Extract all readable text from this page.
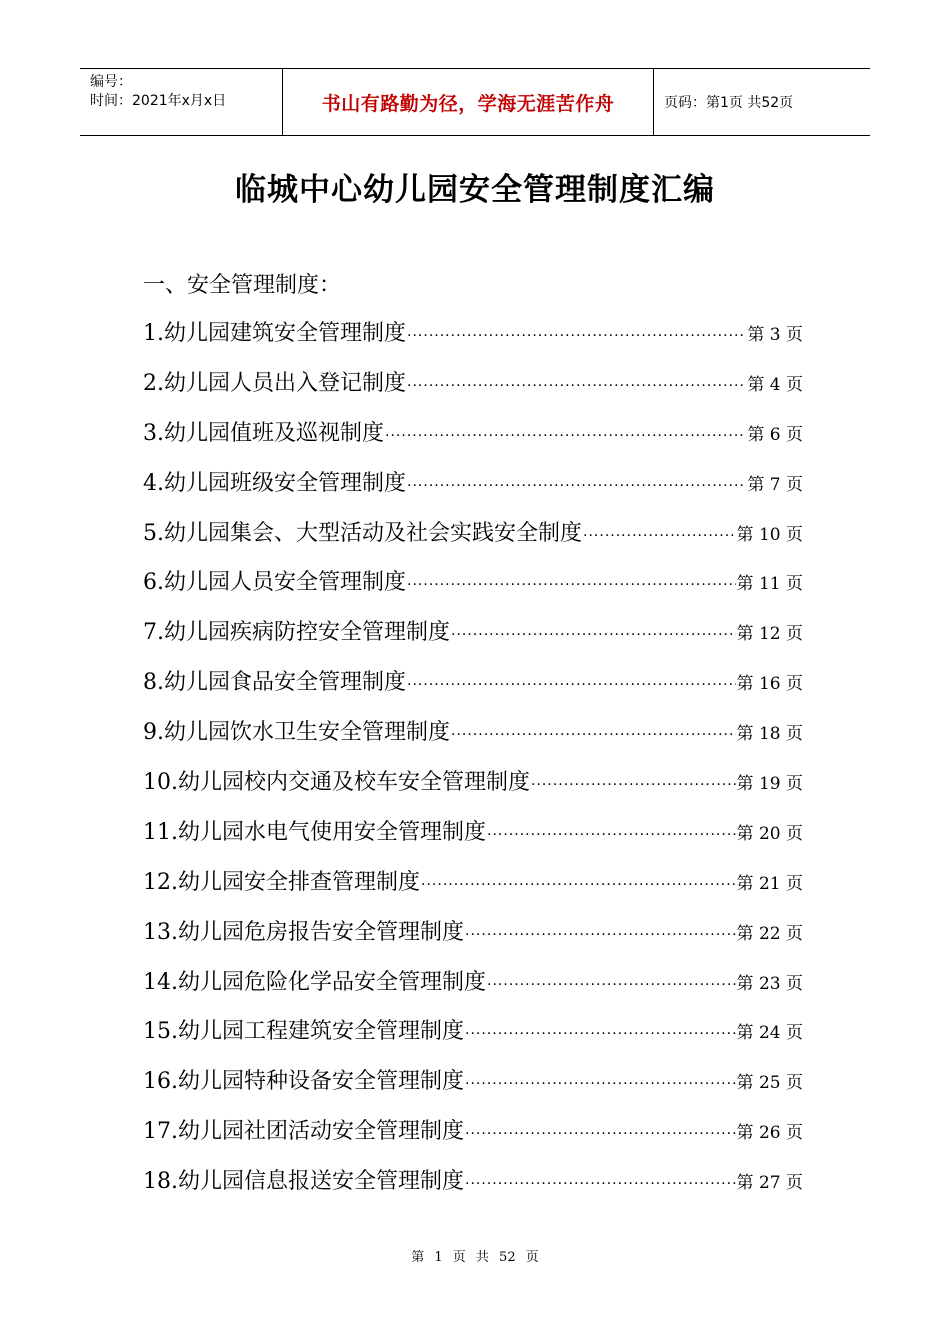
编号：
时间：2021年x月x日	书山有路勤为径，学海无涯苦作舟	页码：第1页 共52页
临城中心幼儿园安全管理制度汇编
一、安全管理制度：
1. 幼儿园建筑安全管理制度 ·····	第 3 页
2. 幼儿园人员出入登记制度 ·····	第 4 页
3. 幼儿园值班及巡视制度 ·····	第 6 页
4. 幼儿园班级安全管理制度 ·····	第 7 页
5. 幼儿园集会、大型活动及社会实践安全制度 ·····	第 10 页
6. 幼儿园人员安全管理制度 ·····	第 11 页
7. 幼儿园疾病防控安全管理制度 ·····	第 12 页
8. 幼儿园食品安全管理制度 ·····	第 16 页
9. 幼儿园饮水卫生安全管理制度 ·····	第 18 页
10. 幼儿园校内交通及校车安全管理制度 ·····	第 19 页
11. 幼儿园水电气使用安全管理制度 ·····	第 20 页
12. 幼儿园安全排查管理制度 ·····	第 21 页
13. 幼儿园危房报告安全管理制度 ·····	第 22 页
14. 幼儿园危险化学品安全管理制度 ·····	第 23 页
15. 幼儿园工程建筑安全管理制度 ·····	第 24 页
16. 幼儿园特种设备安全管理制度 ·····	第 25 页
17. 幼儿园社团活动安全管理制度 ·····	第 26 页
18. 幼儿园信息报送安全管理制度 ·····	第 27 页
第 1 页 共 52 页
